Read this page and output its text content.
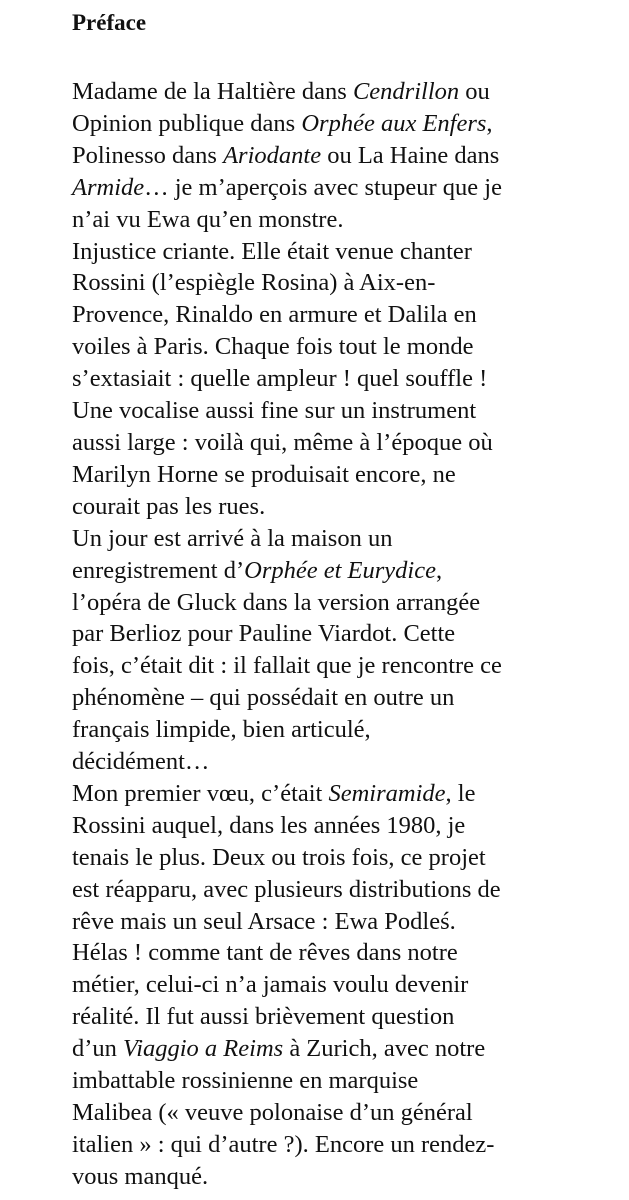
Préface
Madame de la Haltière dans Cendrillon ou
Opinion publique dans Orphée aux Enfers,
Polinesso dans Ariodante ou La Haine dans
Armide… je m’aperçois avec stupeur que je
n’ai vu Ewa qu’en monstre.
Injustice criante. Elle était venue chanter
Rossini (l’espiègle Rosina) à Aix-en-
Provence, Rinaldo en armure et Dalila en
voiles à Paris. Chaque fois tout le monde
s’extasiait : quelle ampleur ! quel souffle !
Une vocalise aussi fine sur un instrument
aussi large : voilà qui, même à l’époque où
Marilyn Horne se produisait encore, ne
courait pas les rues.
Un jour est arrivé à la maison un
enregistrement d’Orphée et Eurydice,
l’opéra de Gluck dans la version arrangée
par Berlioz pour Pauline Viardot. Cette
fois, c’était dit : il fallait que je rencontre ce
phénomène – qui possédait en outre un
français limpide, bien articulé,
décidément…
Mon premier vœu, c’était Semiramide, le
Rossini auquel, dans les années 1980, je
tenais le plus. Deux ou trois fois, ce projet
est réapparu, avec plusieurs distributions de
rêve mais un seul Arsace : Ewa Podleś.
Hélas ! comme tant de rêves dans notre
métier, celui-ci n’a jamais voulu devenir
réalité. Il fut aussi brièvement question
d’un Viaggio a Reims à Zurich, avec notre
imbattable rossinienne en marquise
Malibea (« veuve polonaise d’un général
italien » : qui d’autre ?). Encore un rendez-
vous manqué.
